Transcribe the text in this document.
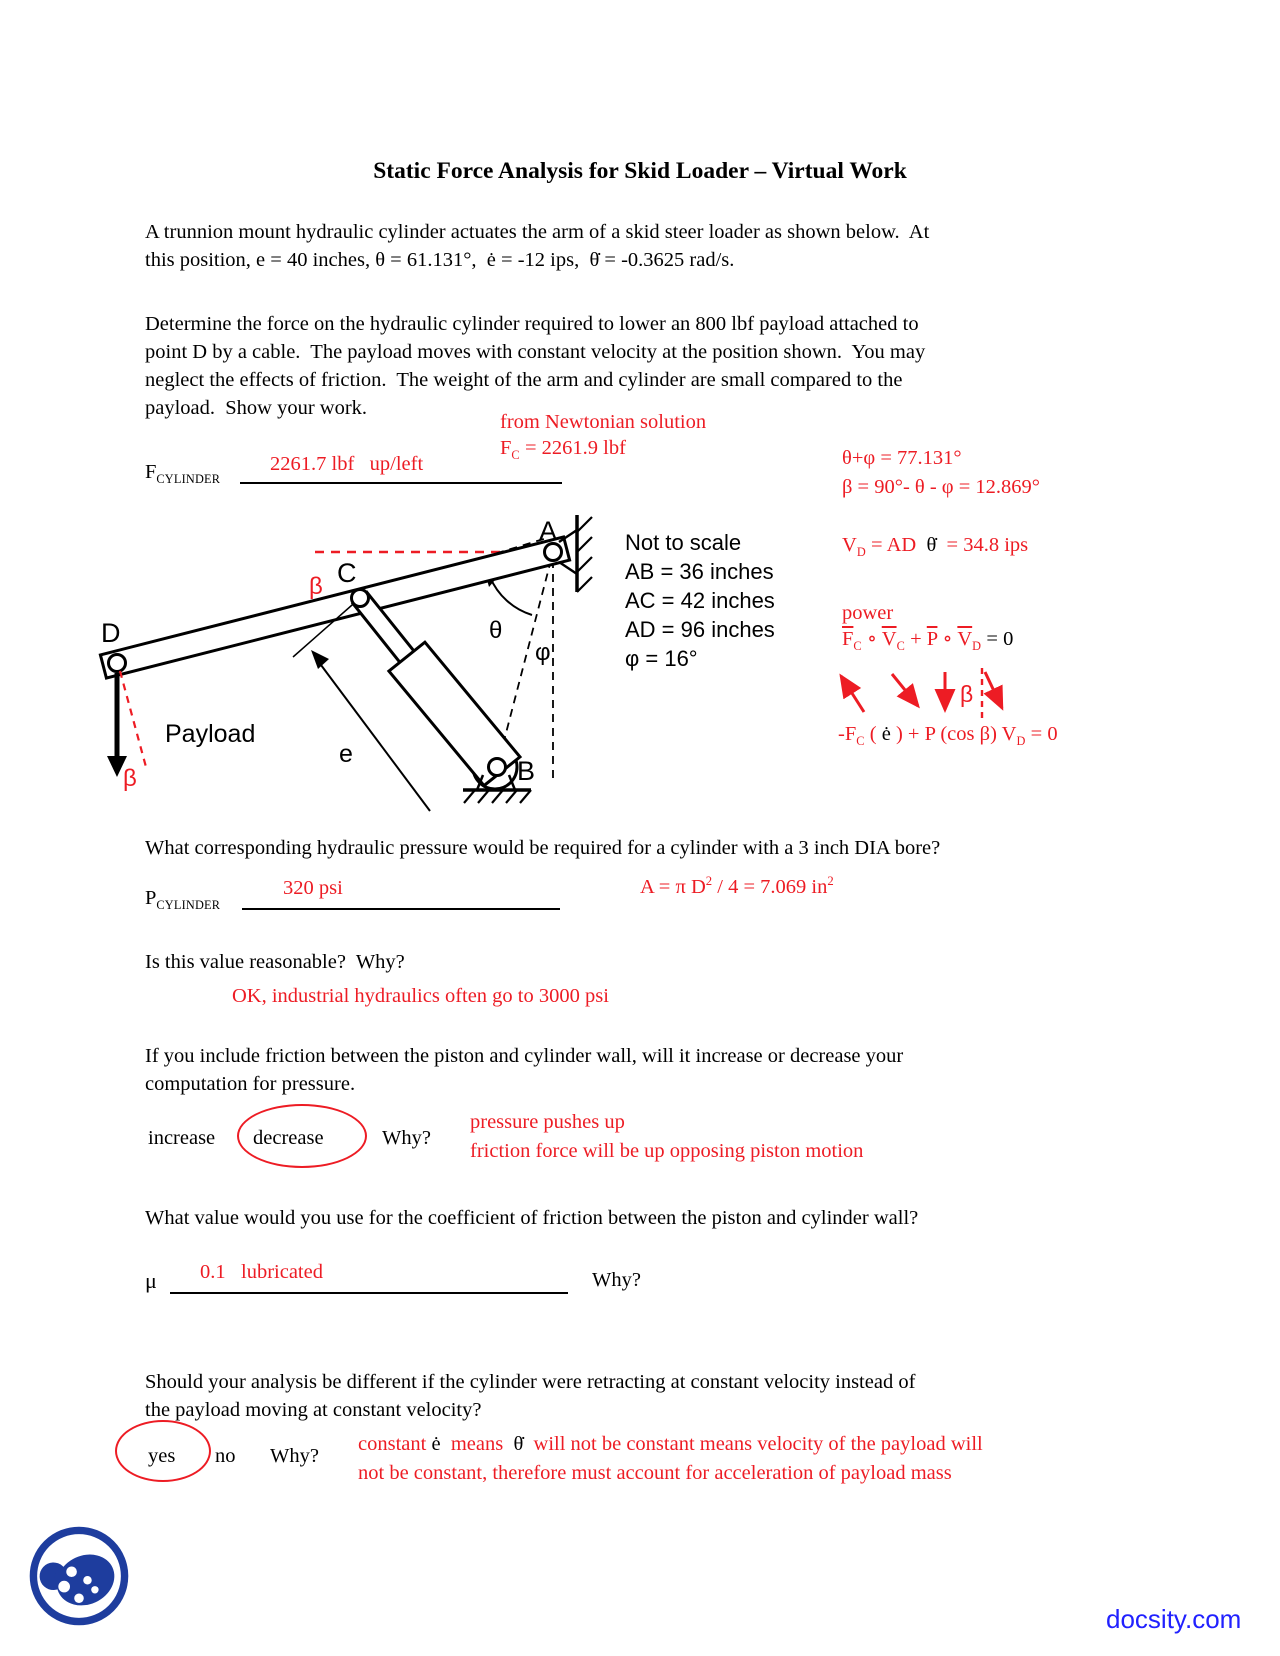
Static Force Analysis for Skid Loader – Virtual Work
A trunnion mount hydraulic cylinder actuates the arm of a skid steer loader as shown below.  At
this position, e = 40 inches, θ = 61.131°,  ė = -12 ips,  θ̇ = -0.3625 rad/s.
Determine the force on the hydraulic cylinder required to lower an 800 lbf payload attached to
point D by a cable.  The payload moves with constant velocity at the position shown.  You may
neglect the effects of friction.  The weight of the arm and cylinder are small compared to the
payload.  Show your work.
from Newtonian solution
$F_C = 2261.9$ lbf
$F_{CYLINDER}$
2261.7 lbf   up/left	θ+φ = 77.131°
β = 90°- θ - φ = 12.869°
$V_D$ = AD  θ̇  = 34.8 ips
power
$\overline{F}_C$ ∘ $\overline{V}_C + \overline{P}$ ∘ $\overline{V}_D = 0$
β
$-F_C$ ( ė ) + P (cos β) $V_D = 0$
D
A
C
B
θ
φ
β
β
e
Payload
Not to scale
AB = 36 inches
AC = 42 inches
AD = 96 inches
φ = 16°
What corresponding hydraulic pressure would be required for a cylinder with a 3 inch DIA bore?
$P_{CYLINDER}$
320 psi	A = π $D^2 / 4 = 7.069$ $in^2$
Is this value reasonable?  Why?
OK, industrial hydraulics often go to 3000 psi
If you include friction between the piston and cylinder wall, will it increase or decrease your
computation for pressure.
increase decrease	Why?
pressure pushes up
friction force will be up opposing piston motion
What value would you use for the coefficient of friction between the piston and cylinder wall?
μ 0.1   lubricated	Why?
Should your analysis be different if the cylinder were retracting at constant velocity instead of
the payload moving at constant velocity?
yes no Why?
constant ė  means  θ̇  will not be constant means velocity of the payload will
not be constant, therefore must account for acceleration of payload mass
docsity.com
